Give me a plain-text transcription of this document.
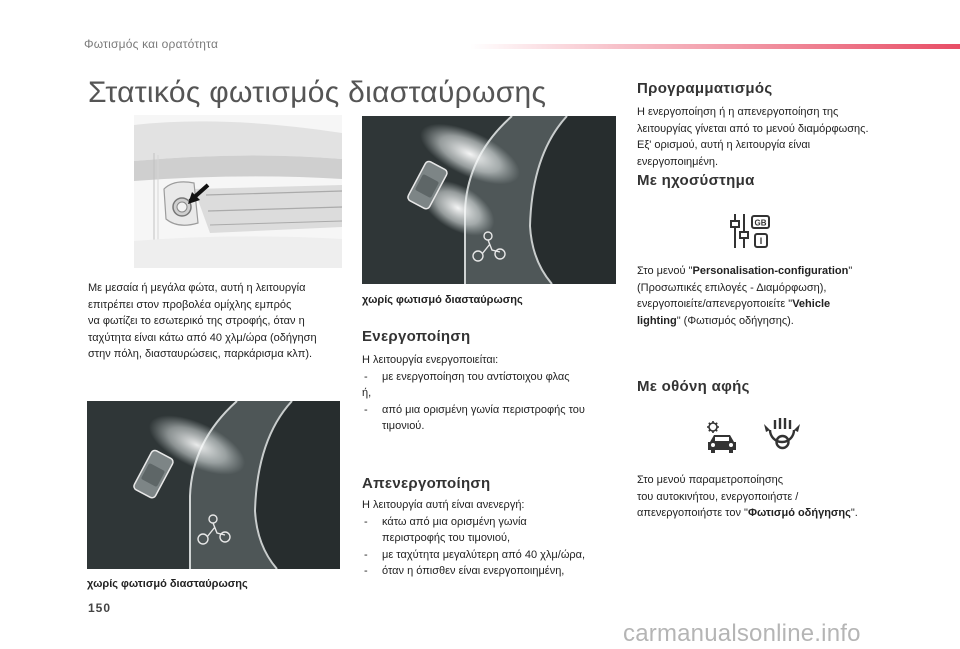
Φωτισμός και ορατότητα
Στατικός φωτισμός διασταύρωσης
Με μεσαία ή μεγάλα φώτα, αυτή η λειτουργία
επιτρέπει στον προβολέα ομίχλης εμπρός
να φωτίζει το εσωτερικό της στροφής, όταν η
ταχύτητα είναι κάτω από 40 χλμ/ώρα (οδήγηση
στην πόλη, διασταυρώσεις, παρκάρισμα κλπ).
χωρίς φωτισμό διασταύρωσης
Ενεργοποίηση
Η λειτουργία ενεργοποιείται:
- με ενεργοποίηση του αντίστοιχου φλας
ή,
- από μια ορισμένη γωνία περιστροφής του
τιμονιού.
χωρίς φωτισμό διασταύρωσης
Απενεργοποίηση
Η λειτουργία αυτή είναι ανενεργή:
- κάτω από μια ορισμένη γωνία
περιστροφής του τιμονιού,
- με ταχύτητα μεγαλύτερη από 40 χλμ/ώρα,
- όταν η όπισθεν είναι ενεργοποιημένη,
Προγραμματισμός
Η ενεργοποίηση ή η απενεργοποίηση της
λειτουργίας γίνεται από το μενού διαμόρφωσης.
Εξ' ορισμού, αυτή η λειτουργία είναι
ενεργοποιημένη.
Με ηχοσύστημα
GB
I
Στο μενού "Personalisation-configuration"
(Προσωπικές επιλογές - Διαμόρφωση),
ενεργοποιείτε/απενεργοποιείτε "Vehicle
lighting" (Φωτισμός οδήγησης).
Με οθόνη αφής
Στο μενού παραμετροποίησης
του αυτοκινήτου, ενεργοποιήστε /
απενεργοποιήστε τον "Φωτισμό οδήγησης".
150
carmanualsonline.info
